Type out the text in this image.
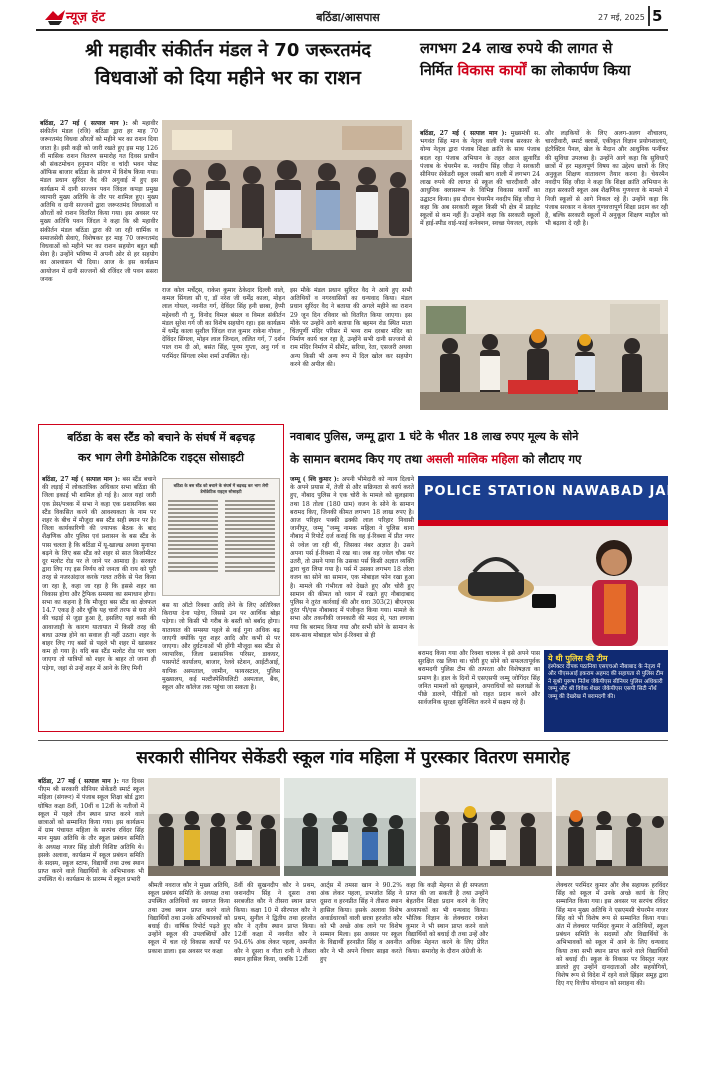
न्यूज़ हंट	बठिंडा/आसपास	27 मई, 2025 5
श्री महावीर संकीर्तन मंडल ने 70 जरूरतमंद
विधवाओं को दिया महीने भर का राशन
बठिंडा, 27 मई ( सत्पाल मान ): श्री महावीर संकीर्तन मंडल (रजि) बठिंडा द्वारा हर माह 70 जरूरतमंद विधवा औरतों को महीने भर का राशन दिया जाता है। इसी कड़ी को जारी रखते हुए इस माह 126 वीं मासिक राशन वितरण समारोह गत दिवस प्राचीन श्री संकटमोचन हनुमान मंदिर व चांदी भवन पोस्ट ऑफिस बाजार बठिंडा के प्रांगण में विशेष किया गया। मंडल प्रधान सुरिंदर वैद की अगुवाई में हुए इस कार्यक्रम में दानी सज्जन पवन जिंदल कपड़ा प्रमुख व्यापारी मुख्य अतिथि के तौर पर शामिल हुए। मुख्य अतिथि व दानी सज्जनों द्वारा जरूरतमंद विधवाओं व औरतों को राशन वितरित किया गया। इस अवसर पर मुख्य अतिथि पवन जिंदल ने कहा कि श्री महावीर संकीर्तन मंडल बठिंडा द्वारा की जा रही धार्मिक व समाजसेवी सेवाएं, विशेषकर हर माह 70 जरूरतमंद विधवाओं को महीने भर का राशन सहयोग बहुत बड़ी सेवा है। उन्होंने भविष्य में अपनी ओर से हर सहयोग का आश्वासन भी दिया। आज के इस कार्यक्रम आयोजन में दानी सज्जनों श्री रजिंदर जी पवन ससरा जनक
राज कोल मर्चेंट्स, राकेश कुमार ठेकेदार दिल्ली वाले, कमल सिंगला सी ए, डॉ नरेश जी धर्मेंद्र काला, मोहन लाल गोयल, नवनीत गर्ग, देविंदर सिंह हनी छाबा, हैप्पी महेश्वरी गौ गु, विनोद विमल बंसल व विमल संकीर्तन मंडल सुरेश गर्ग जी का विशेष सहयोग रहा। इस कार्यक्रम में धर्मेंद्र काला सुशील जिंदल राज कुमार राकेश गोयल , देविंदर सिंगला, मोहन लाल जिन्दल, ललित गर्ग, 7 दर्शन पाल राम दी ओ, बसंत सिंह, पूनम गुप्ता, अनु गर्ग व परमिंदर सिंगला रमेश शर्मा उपस्थित रहे।
इस मौके मंडल प्रधान सुरिंदर वैद ने आये हुए सभी अतिथियों व नगरवासियों का धन्यवाद किया। मंडल प्रधान सुरिंदर वैद ने बताया की अगले महीने का राशन 29 जून दिन रविवार को वितरित किया जाएगा। इस मौके पर उन्होंने आगे बताया कि बहमन रोड स्थित माता चिंतपूर्णी मंदिर परिसर में भव्य राम दरबार मंदिर का निर्माण कार्य चल रहा है, उन्होंने सभी दानी सज्जनो से राम मंदिर निर्माण में सीमेंट, सरिया, रेता, एसजरी अथवा अन्य किसी भी अन्य रूप में दिल खोल कर सहयोग करने की अपील की।
लगभग 24 लाख रुपये की लागत से
निर्मित विकास कार्यों का लोकार्पण किया
बठिंडा, 27 मई ( सत्पाल मान ): मुख्यमंत्री स. भगवंत सिंह मान के नेतृत्व वाली पंजाब सरकार के योग्य नेतृत्व द्वारा पंजाब शिक्षा क्रांति के साथ पंजाब बदल रहा पंजाब अभियान के तहत आज झुनारेिंड पंजाब के चेयरमैन स. नवदीप सिंह जीदा ने सरकारी सीनियर सेकेंडरी स्कूल जस्सी बाग वाली में लगभग 24 लाख रुपये की लागत से स्कूल की चारदीवारी और आधुनिक क्लासरूम के विभिन्न विकास कार्यों का उद्घाटन किया। इस दौरान चेयरमैन नवदीप सिंह जीदा ने कहा कि अब सरकारी स्कूल किसी भी क्षेत्र में प्राइवेट स्कूलों से कम नहीं हैं। उन्होंने कहा कि सरकारी स्कूलों में हाई-स्पीड वाई-फाई कनेक्शन, स्वच्छ पेयजल, लड़के
और लड़कियों के लिए अलग-अलग शौचालय, चारदीवारी, स्मार्ट क्लासें, एकीकृत विज्ञान प्रयोगशालाएं, इंटरैक्टिव पैनल, खेल के मैदान और आधुनिक फर्नीचर की सुविधा उपलब्ध है। उन्होंने आगे कहा कि सुविधाएँ छात्रों में हर महत्वपूर्ण विषय का उद्देश्य छात्रों के लिए अनुकूल शिक्षण वातावरण तैयार करना है। चेयरमैन नवदीप सिंह जीदा ने कहा कि शिक्षा क्रांति अभियान के तहत सरकारी स्कूल अब शैक्षणिक गुणवत्ता के मामले में निजी स्कूलों से आगे निकल रहे हैं। उन्होंने कहा कि पंजाब सरकार न केवल गुणवत्तापूर्ण शिक्षा प्रदान कर रही है, बल्कि सरकारी स्कूलों में अनुकूल शिक्षण माहौल को भी बढ़ावा दे रही है।
बठिंडा के बस स्टैंड को बचाने के संघर्ष में बढ़चढ़
कर भाग लेगी डेमोक्रेटिक राइट्स सोसाइटी
बठिंडा, 27 मई ( सत्पाल मान ): बस स्टैंड बचाने की लड़ाई में लोकतांत्रिक अधिकार सभा बठिंडा की जिला इकाई भी शामिल हो गई है। आज यहां जारी एक प्रेस/पत्रक में सभा ने कहा एक प्रशासनिक बस स्टैंड विकसित करने की आवश्यकता के नाम पर शहर के बीच में मौजूदा बस स्टैंड सही स्थान पर है। जिला कार्यकारिणी की ज्यापक बैठक के बाद शैक्षणिक और पुलिस एवं प्रशासन के बस स्टैंड के पास चलता है कि बठिंडा में यू-खाल्ख अथवा मुनाफा बढ़ने के लिए बस स्टैंड को शहर से सात किलोमीटर दूर मलोट रोड पर ले जाने पर आमादा है। सरकार द्वारा लिए गए इस निर्णय को जनता की राय को पूरी तरह से नजरअंदाज करके गलत तरीके से पेश किया जा रहा है, कहा जा रहा है कि इससे शहर का विकास होगा और ट्रैफिक समस्या का समाधान होगा। सभा का कहना है कि मौजूदा बस स्टैंड का क्षेत्रफल 14.7 एकड़ है और चूंकि यह चारों तरफ से घरा लेने की चढ़ाई से जुड़ा हुआ है, इसलिए यहां कसी की आवाजाही के कारण यातायात में किसी तरह की बाधा उत्पन्न होने का सवाल ही नहीं उठता। शहर के बाहर लिए गए बसों से पहले भी शहर में खासकर कम हो गया है। यदि बस स्टैंड मलोट रोड पर चला जाएगा तो यात्रियों को शहर के बाहर तो जाना ही पड़ेगा, जहां से उन्हें शहर में आने के लिए मिनी
बठिंडा के बस स्टैंड को बचाने के संघर्ष में बढ़चढ़ कर भाग लेगी डेमोक्रेटिक राइट्स सोसाइटी
बस या ऑटो रिक्शा आदि लेने के लिए अतिरिक्त किराया देना पड़ेगा, जिससे उन पर आर्थिक बोझ पड़ेगा। जो किसी भी गरीब के बस्ती को बर्बाद होगा। यातायात की समस्या पहले से कई गुना अधिक बढ़ जाएगी क्योंकि पूरा शहर आदि और कभी से पर जाएगा। और दुर्घटनाओं भी होंगी मौजूदा बस स्टैंड से व्यापारिक, जिला प्रशासनिक परिसर, डाकघर, पासपोर्ट कार्यालय, बाजार, रेलवे स्टेशन, आईटीआई, यापिक अस्पताल, जामीन, फायरस्टाल, पुलिस मुख्यालय, कई मल्टीस्पेशियलिटी अस्पताल, बैंक, स्कूल और कॉलेज तक पहुंचा जा सकता है।
नवाबाद पुलिस, जम्मू द्वारा 1 घंटे के भीतर 18 लाख रुपए मूल्य के सोने
के सामान बरामद किए गए तथा असली मालिक महिला को लौटाए गए
जम्मू ( श्वि कुमार ): अपनी भीमेदारी को न्याय दिलाने के अपने प्रयास में, तेजी से और सक्रियता से कार्य करते हुए, नौबाद पुलिस ने एक चोरी के मामले को सुलझाया तथा 18 तोला (180 ग्राम) वजन के सोने के सामान बरामद किए, जिनकी कीमत लगभग 18 लाख रुपए है। आज परिहार पक्की ढक्की लाल परिहार निवासी जानीपुर, जम्मू "जम्मू नामक महिला ने पुलिस थाना नौबाद में रिपोर्ट दर्ज कराई कि वह ई-रिक्शा में प्रीत नगर से ज्वेल जा रही थी, जिसका नंबर अज्ञात है। उसने अपना पर्स ई-रिक्शा में रख था। जब वह ज्वेल चौक पर उतरी, तो उसने पाया कि उसका पर्स किसी अज्ञात व्यक्ति द्वारा चुरा लिया गया है। पर्स में उसका लगभग 18 तोला वजन का सोने का सामान, एक मोबाइल फोन रखा हुआ है। मामले की गंभीरता को देखते हुए और चोरी हुए सामान की कीमत को ध्यान में रखते हुए नौबादाबाद पुलिस ने तुरंत कार्रवाई की और धारा 303(2) बीएनएस तुरंत पी/एस नौबाबाद में पंजीकृत किया गया। मामले के सभा और तकनीकी जानकारी की मदद से, पता लगाया गया कि बरामद किया गया और सभी सोने के सामान के साथ-साथ मोबाइल फोन ई-रिक्शा से ही
POLICE STATION NAWABAD JAMMU
बरामद किया गया और रिक्शा चालक ने इसे अपने पास सुरक्षित रख लिया था। चोरी हुए सोने को सफलतापूर्वक बरामदगी पुलिस टीम की तत्परता और विशेषज्ञता का प्रमाण है। हाल के दिनों में एसएसपी जम्मू जोगिंदर सिंह जनित मामलों को सुलझाने, अपराधियों को सलाखों के पीछे डालने, पीड़ितों को राहत प्रदान करने और सार्वजनिक सुरक्षा सुनिश्चित करने में सक्षम रहे हैं।
ये थी पुलिस की टीम
इंस्पेक्टर दीपक पठानिया एसएचओ नौबाबाद के नेतृत्व में और पीएसआई इकराम अहमद की सहायता से पुलिस टीम ने सुश्री पुरूषा नितेश जेकेपीएस सीनियर पुलिस अधिकारी जम्मू और श्री विवेक शेखर जेकेपीएस एसपी सिटी नॉर्थ जम्मू की देखरेख में बरामदगी की।
सरकारी सीनियर सेकेंडरी स्कूल गांव महिला में पुरस्कार वितरण समारोह
बठिंडा, 27 मई ( सत्पाल मान ): गत दिवस पीएम श्री सरकारी सीनियर सेकेंडरी स्मार्ट स्कूल महिला (संगरूर) में पंजाब स्कूल शिक्षा बोर्ड द्वारा घोषित कक्षा 8वीं, 10वीं व 12वीं के नतीजों में स्कूल में पहले तीन स्थान प्राप्त करने वाले छात्राओं को सम्मानित किया गया। इस कार्यक्रम में ग्राम पंचायत महिला के सरपंच रविंदर सिंह मान मुख्य अतिथि के तौर स्कूल प्रबंधन समिति के अध्यक्ष नाजर सिंह डोली विशिष्ट अतिथि थे। इसके अलावा, कार्यक्रम में स्कूल प्रबंधन समिति के सदस्य, स्कूल स्टाफ, विद्यार्थी तथा उच्च स्थान प्राप्त करने वाले विद्यार्थियों के अभिभावक भी उपस्थित थे। कार्यक्रम के प्रारम्भ में स्कूल प्रभारी
श्रीमती नवराज कौर ने मुख्य अतिथि, स्कूल प्रबंधन समिति के अध्यक्ष तथा उपस्थित अतिथियों का स्वागत किया तथा उच्च स्थान प्राप्त करने वाले विद्यार्थियों तथा उनके अभिभावकों को बधाई दी। वार्षिक रिपोर्ट पढ़ते हुए उन्होंने स्कूल की उपलब्धियों और स्कूल में चल रहे विकास कार्यों पर प्रकाश डाला। इस अवसर पर कक्षा
8वीं की सुखनदीप कौर ने प्रथम, जशनदीप सिंह ने दूसरा तथा सरबजीत कौर ने तीसरा स्थान प्राप्त किया। कक्षा 10 में सीरपाल कौर ने प्रथम, सुनील ने द्वितीय तथा हरजोत कौर ने तृतीय स्थान प्राप्त किया। 12वीं कक्षा में नवनीत कौर ने 94.6% अंक लेकर पहला, अमनीत कौर ने दूसरा व गीता रानी ने तीसरा स्थान हासिल किया, जबकि 12वीं
आर्ट्स में तमसा खान ने 90.2% अंक लेकर पहला, प्रभजोत सिंह ने दूसरा व हरनप्रीत सिंह ने तीसरा स्थान हासिल किया। इसके अलावा विशेष अवार्डधारकों वाली छात्रा हरजोत कौर को भी अच्छे अंक लाने पर विशेष सम्मान मिला। इस अवसर पर स्कूल के विद्यार्थी हरनप्रीत सिंह व अवनीत कौर ने भी अपने विचार साझा करते हुए
कहा कि कड़ी मेहनत से ही सफलता प्राप्त की जा सकती है तथा उन्होंने बेहतरीन शिक्षा प्रदान करने के लिए अध्यापकों का भी धन्यवाद किया। भौतिक विज्ञान के लेक्चरार राकेश कुमार ने भी स्थान प्राप्त करने वाले विद्यार्थियों को बधाई दी तथा उन्हें और अधिक मेहनत करने के लिए प्रेरित किया। समारोह के दौरान अंग्रेजी के
लेक्चरर परमिंदर कुमार और लैब सहायक हरविंदर सिंह को स्कूल में उनके अच्छे कार्य के लिए सम्मानित किया गया। इस अवसर पर सरपंच रविंदर सिंह मान मुख्य अतिथि ने एसएमसी चेयरमैन नाजर सिंह को भी विशेष रूप से सम्मानित किया गया। अंत में लेक्चरर परमिंदर कुमार ने अतिथियों, स्कूल प्रबंधन समिति के सदस्यों और विद्यार्थियों के अभिभावकों को स्कूल में आने के लिए धन्यवाद किया तथा सभी स्थान प्राप्त करने वाले विद्यार्थियों को बधाई दी। स्कूल के विकास पर विस्तृत नज़र डालते हुए उन्होंने दानदाताओं और सहयोगियों, विशेष रूप से विदेश में रहने वाले झिंझर समूह द्वारा दिए गए वित्तीय योगदान को सराहना की।
